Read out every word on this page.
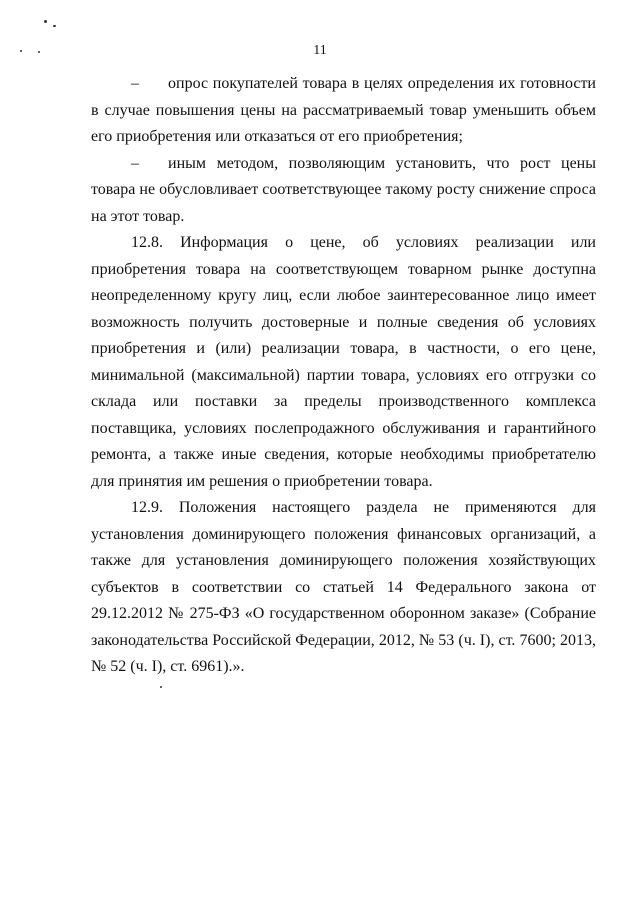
11

– опрос покупателей товара в целях определения их готовности в случае повышения цены на рассматриваемый товар уменьшить объем его приобретения или отказаться от его приобретения;

– иным методом, позволяющим установить, что рост цены товара не обусловливает соответствующее такому росту снижение спроса на этот товар.

12.8. Информация о цене, об условиях реализации или приобретения товара на соответствующем товарном рынке доступна неопределенному кругу лиц, если любое заинтересованное лицо имеет возможность получить достоверные и полные сведения об условиях приобретения и (или) реализации товара, в частности, о его цене, минимальной (максимальной) партии товара, условиях его отгрузки со склада или поставки за пределы производственного комплекса поставщика, условиях послепродажного обслуживания и гарантийного ремонта, а также иные сведения, которые необходимы приобретателю для принятия им решения о приобретении товара.

12.9. Положения настоящего раздела не применяются для установления доминирующего положения финансовых организаций, а также для установления доминирующего положения хозяйствующих субъектов в соответствии со статьей 14 Федерального закона от 29.12.2012 № 275-ФЗ «О государственном оборонном заказе» (Собрание законодательства Российской Федерации, 2012, № 53 (ч. I), ст. 7600; 2013, № 52 (ч. I), ст. 6961).».
